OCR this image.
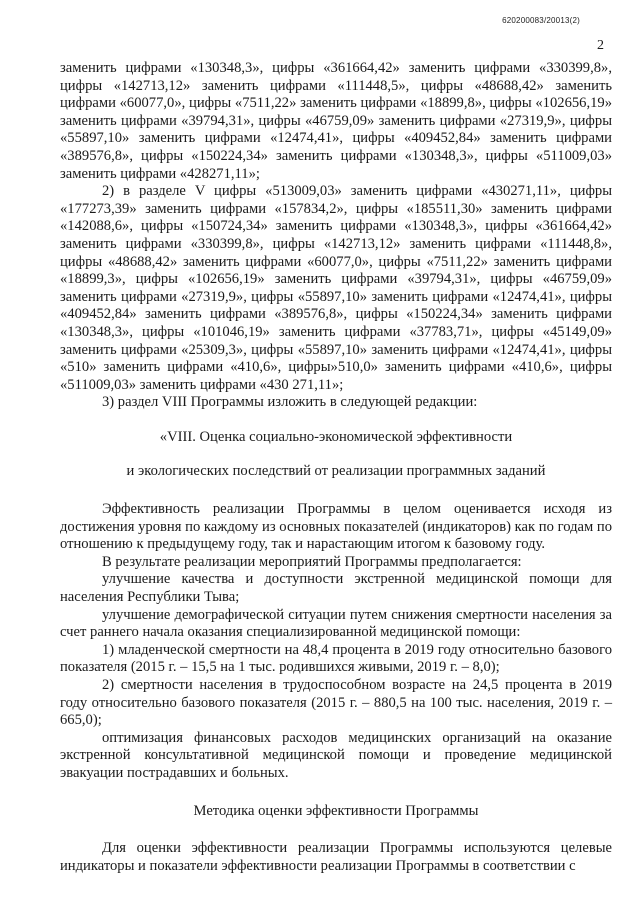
620200083/20013(2)
2

заменить цифрами «130348,3», цифры «361664,42» заменить цифрами «330399,8», цифры «142713,12» заменить цифрами «111448,5», цифры «48688,42» заменить цифрами «60077,0», цифры «7511,22» заменить цифрами «18899,8», цифры «102656,19» заменить цифрами «39794,31», цифры «46759,09» заменить цифрами «27319,9», цифры «55897,10» заменить цифрами «12474,41», цифры «409452,84» заменить цифрами «389576,8», цифры «150224,34» заменить цифрами «130348,3», цифры «511009,03» заменить цифрами «428271,11»;

2) в разделе V цифры «513009,03» заменить цифрами «430271,11», цифры «177273,39» заменить цифрами «157834,2», цифры «185511,30» заменить цифрами «142088,6», цифры «150724,34» заменить цифрами «130348,3», цифры «361664,42» заменить цифрами «330399,8», цифры «142713,12» заменить цифрами «111448,8», цифры «48688,42» заменить цифрами «60077,0», цифры «7511,22» заменить цифрами «18899,3», цифры «102656,19» заменить цифрами «39794,31», цифры «46759,09» заменить цифрами «27319,9», цифры «55897,10» заменить цифрами «12474,41», цифры «409452,84» заменить цифрами «389576,8», цифры «150224,34» заменить цифрами «130348,3», цифры «101046,19» заменить цифрами «37783,71», цифры «45149,09» заменить цифрами «25309,3», цифры «55897,10» заменить цифрами «12474,41», цифры «510» заменить цифрами «410,6», цифры»510,0» заменить цифрами «410,6», цифры «511009,03» заменить цифрами «430 271,11»;

3) раздел VIII Программы изложить в следующей редакции:

«VIII. Оценка социально-экономической эффективности

и экологических последствий от реализации программных заданий

Эффективность реализации Программы в целом оценивается исходя из достижения уровня по каждому из основных показателей (индикаторов) как по годам по отношению к предыдущему году, так и нарастающим итогом к базовому году.

В результате реализации мероприятий Программы предполагается:

улучшение качества и доступности экстренной медицинской помощи для населения Республики Тыва;

улучшение демографической ситуации путем снижения смертности населения за счет раннего начала оказания специализированной медицинской помощи:

1) младенческой смертности на 48,4 процента в 2019 году относительно базового показателя (2015 г. – 15,5 на 1 тыс. родившихся живыми, 2019 г. – 8,0);

2) смертности населения в трудоспособном возрасте на 24,5 процента в 2019 году относительно базового показателя (2015 г. – 880,5 на 100 тыс. населения, 2019 г. – 665,0);

оптимизация финансовых расходов медицинских организаций на оказание экстренной консультативной медицинской помощи и проведение медицинской эвакуации пострадавших и больных.

Методика оценки эффективности Программы

Для оценки эффективности реализации Программы используются целевые индикаторы и показатели эффективности реализации Программы в соответствии с
